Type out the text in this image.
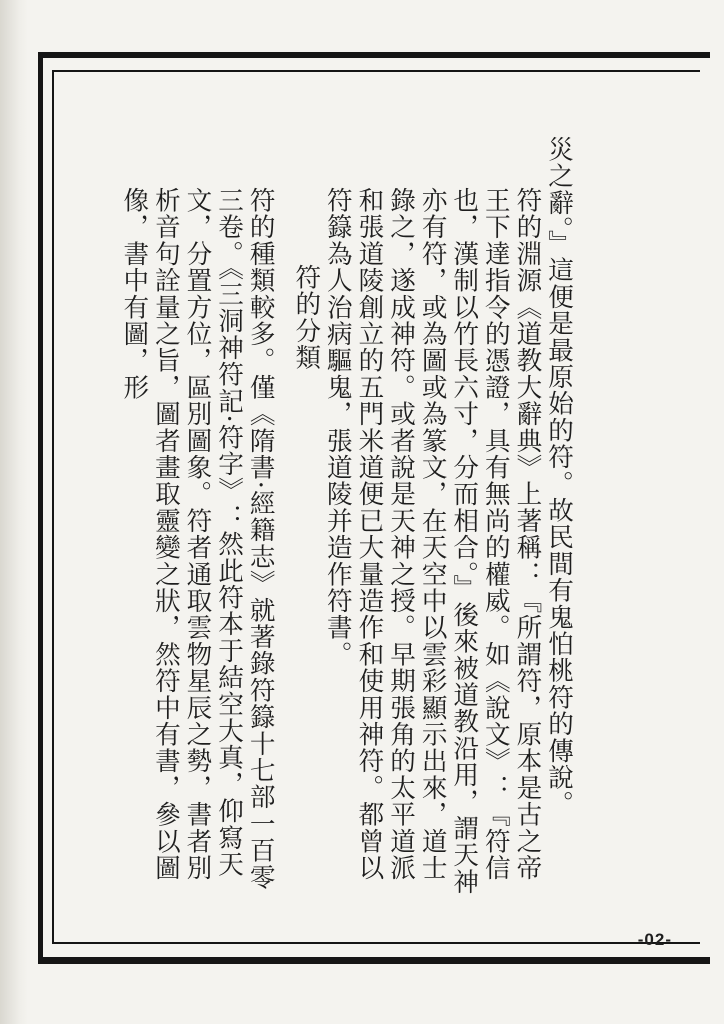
災之辭。』這便是最原始的符。故民間有鬼怕桃符的傳說。

符的淵源《道教大辭典》上著稱：『所謂符，原本是古之帝王下達指令的憑證，具有無尚的權威。如《說文》：『符信也，漢制以竹長六寸，分而相合。』後來被道教沿用，謂天神亦有符，或為圖或為篆文，在天空中以雲彩顯示出來，道士錄之，遂成神符。或者說是天神之授。早期張角的太平道派和張道陵創立的五門米道便已大量造作和使用神符。都曾以符籙為人治病驅鬼，張道陵并造作符書。

符的分類

符的種類較多。僅《隋書·經籍志》就著錄符籙十七部一百零三卷。《三洞神符記·符字》：然此符本于結空大真，仰寫天文，分置方位，區別圖象。符者通取雲物星辰之勢，書者別析音句詮量之旨，圖者畫取靈變之狀，然符中有書，參以圖像，書中有圖，形

-02-
